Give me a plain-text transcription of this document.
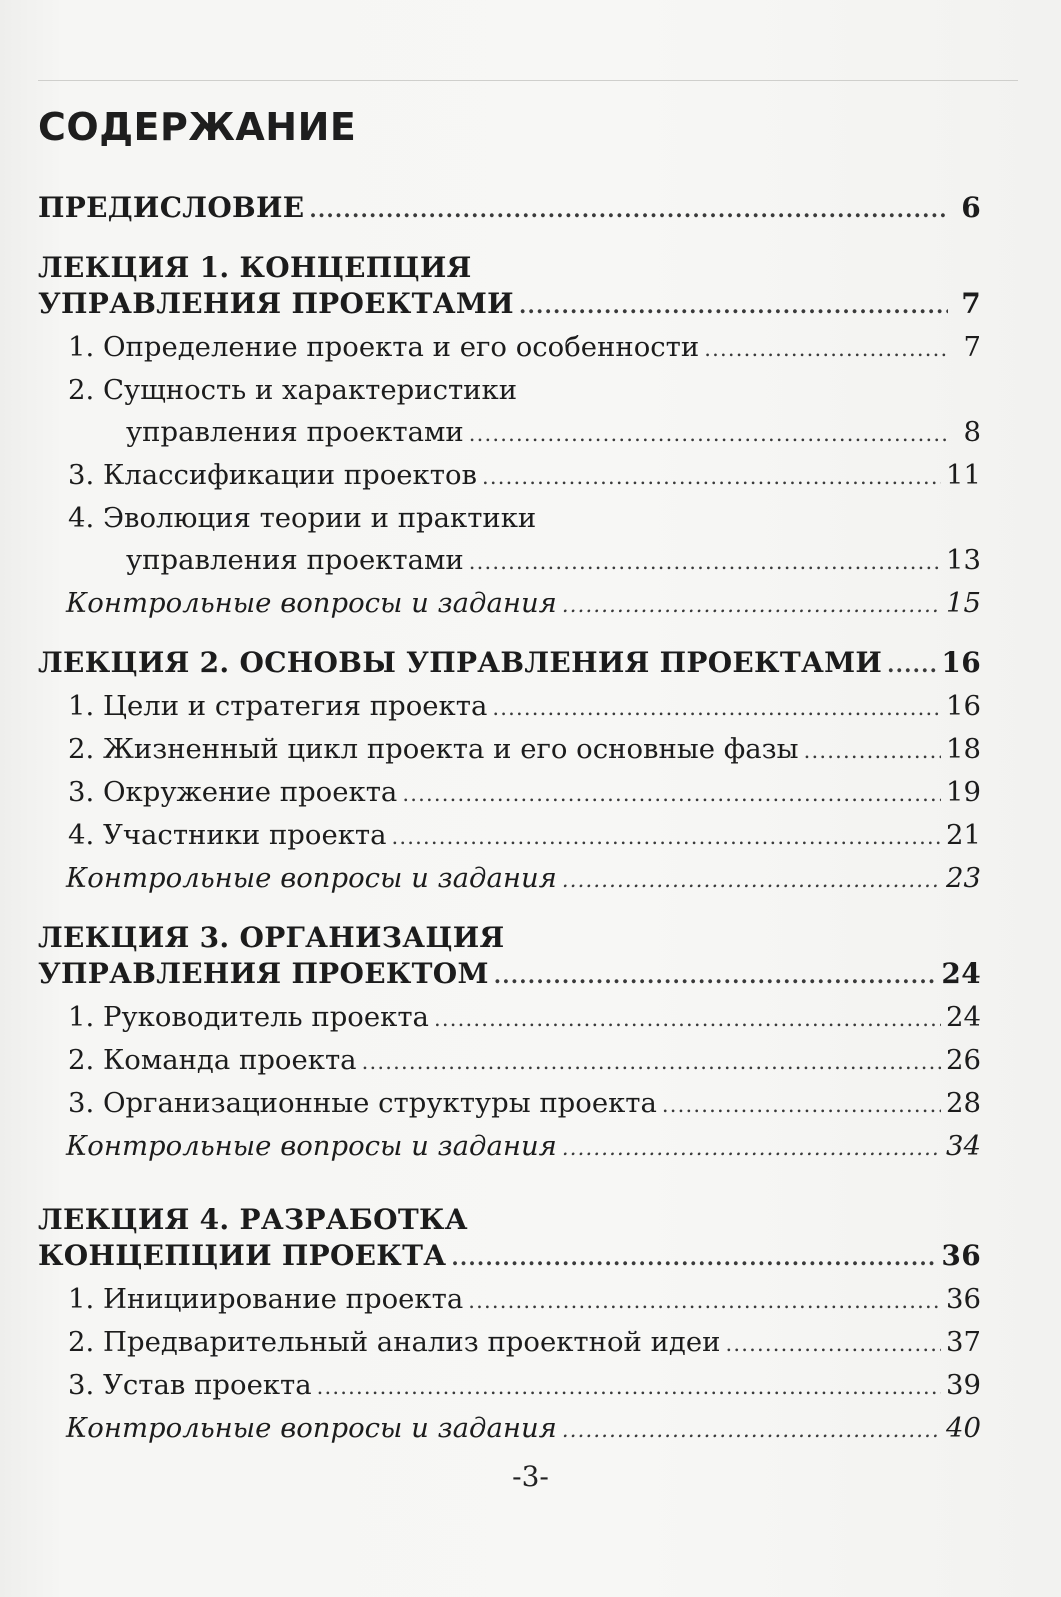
СОДЕРЖАНИЕ
ПРЕДИСЛОВИЕ .....	6
ЛЕКЦИЯ 1. КОНЦЕПЦИЯ
УПРАВЛЕНИЯ ПРОЕКТАМИ .....	7
1. Определение проекта и его особенности .....	7
2. Сущность и характеристики
управления проектами .....	8
3. Классификации проектов .....	11
4. Эволюция теории и практики
управления проектами .....	13
Контрольные вопросы и задания .....	15
ЛЕКЦИЯ 2. ОСНОВЫ УПРАВЛЕНИЯ ПРОЕКТАМИ ..... 16
1. Цели и стратегия проекта .....	16
2. Жизненный цикл проекта и его основные фазы .....	18
3. Окружение проекта .....	19
4. Участники проекта .....	21
Контрольные вопросы и задания .....	23
ЛЕКЦИЯ 3. ОРГАНИЗАЦИЯ
УПРАВЛЕНИЯ ПРОЕКТОМ .....	24
1. Руководитель проекта .....	24
2. Команда проекта .....	26
3. Организационные структуры проекта .....	28
Контрольные вопросы и задания .....	34
ЛЕКЦИЯ 4. РАЗРАБОТКА
КОНЦЕПЦИИ ПРОЕКТА .....	36
1. Инициирование проекта .....	36
2. Предварительный анализ проектной идеи .....	37
3. Устав проекта .....	39
Контрольные вопросы и задания .....	40
-3-
